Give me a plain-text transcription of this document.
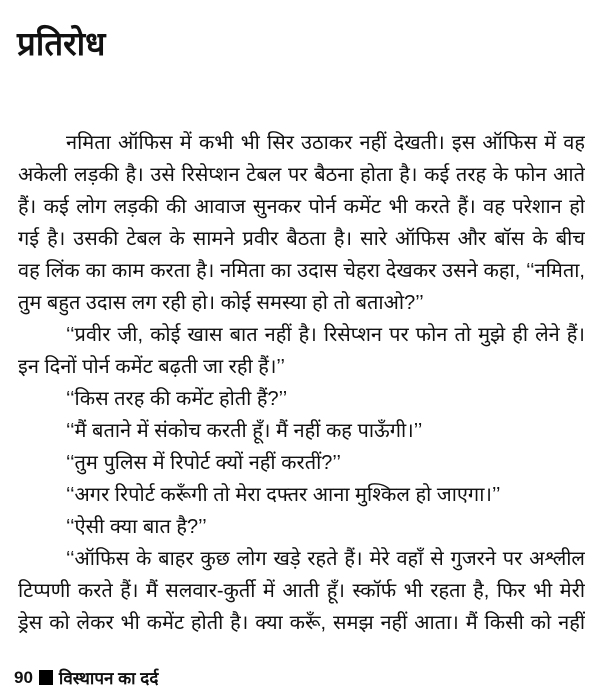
प्रतिरोध
नमिता ऑफिस में कभी भी सिर उठाकर नहीं देखती। इस ऑफिस में वह
अकेली लड़की है। उसे रिसेप्शन टेबल पर बैठना होता है। कई तरह के फोन आते
हैं। कई लोग लड़की की आवाज सुनकर पोर्न कमेंट भी करते हैं। वह परेशान हो
गई है। उसकी टेबल के सामने प्रवीर बैठता है। सारे ऑफिस और बॉस के बीच
वह लिंक का काम करता है। नमिता का उदास चेहरा देखकर उसने कहा, ‘‘नमिता,
तुम बहुत उदास लग रही हो। कोई समस्या हो तो बताओ?’’
‘‘प्रवीर जी, कोई खास बात नहीं है। रिसेप्शन पर फोन तो मुझे ही लेने हैं।
इन दिनों पोर्न कमेंट बढ़ती जा रही हैं।’’
‘‘किस तरह की कमेंट होती हैं?’’
‘‘मैं बताने में संकोच करती हूँ। मैं नहीं कह पाऊँगी।’’
‘‘तुम पुलिस में रिपोर्ट क्यों नहीं करतीं?’’
‘‘अगर रिपोर्ट करूँगी तो मेरा दफ्तर आना मुश्किल हो जाएगा।’’
‘‘ऐसी क्या बात है?’’
‘‘ऑफिस के बाहर कुछ लोग खड़े रहते हैं। मेरे वहाँ से गुजरने पर अश्लील
टिप्पणी करते हैं। मैं सलवार-कुर्ती में आती हूँ। स्कॉर्फ भी रहता है, फिर भी मेरी
ड्रेस को लेकर भी कमेंट होती है। क्या करूँ, समझ नहीं आता। मैं किसी को नहीं
90 विस्थापन का दर्द
